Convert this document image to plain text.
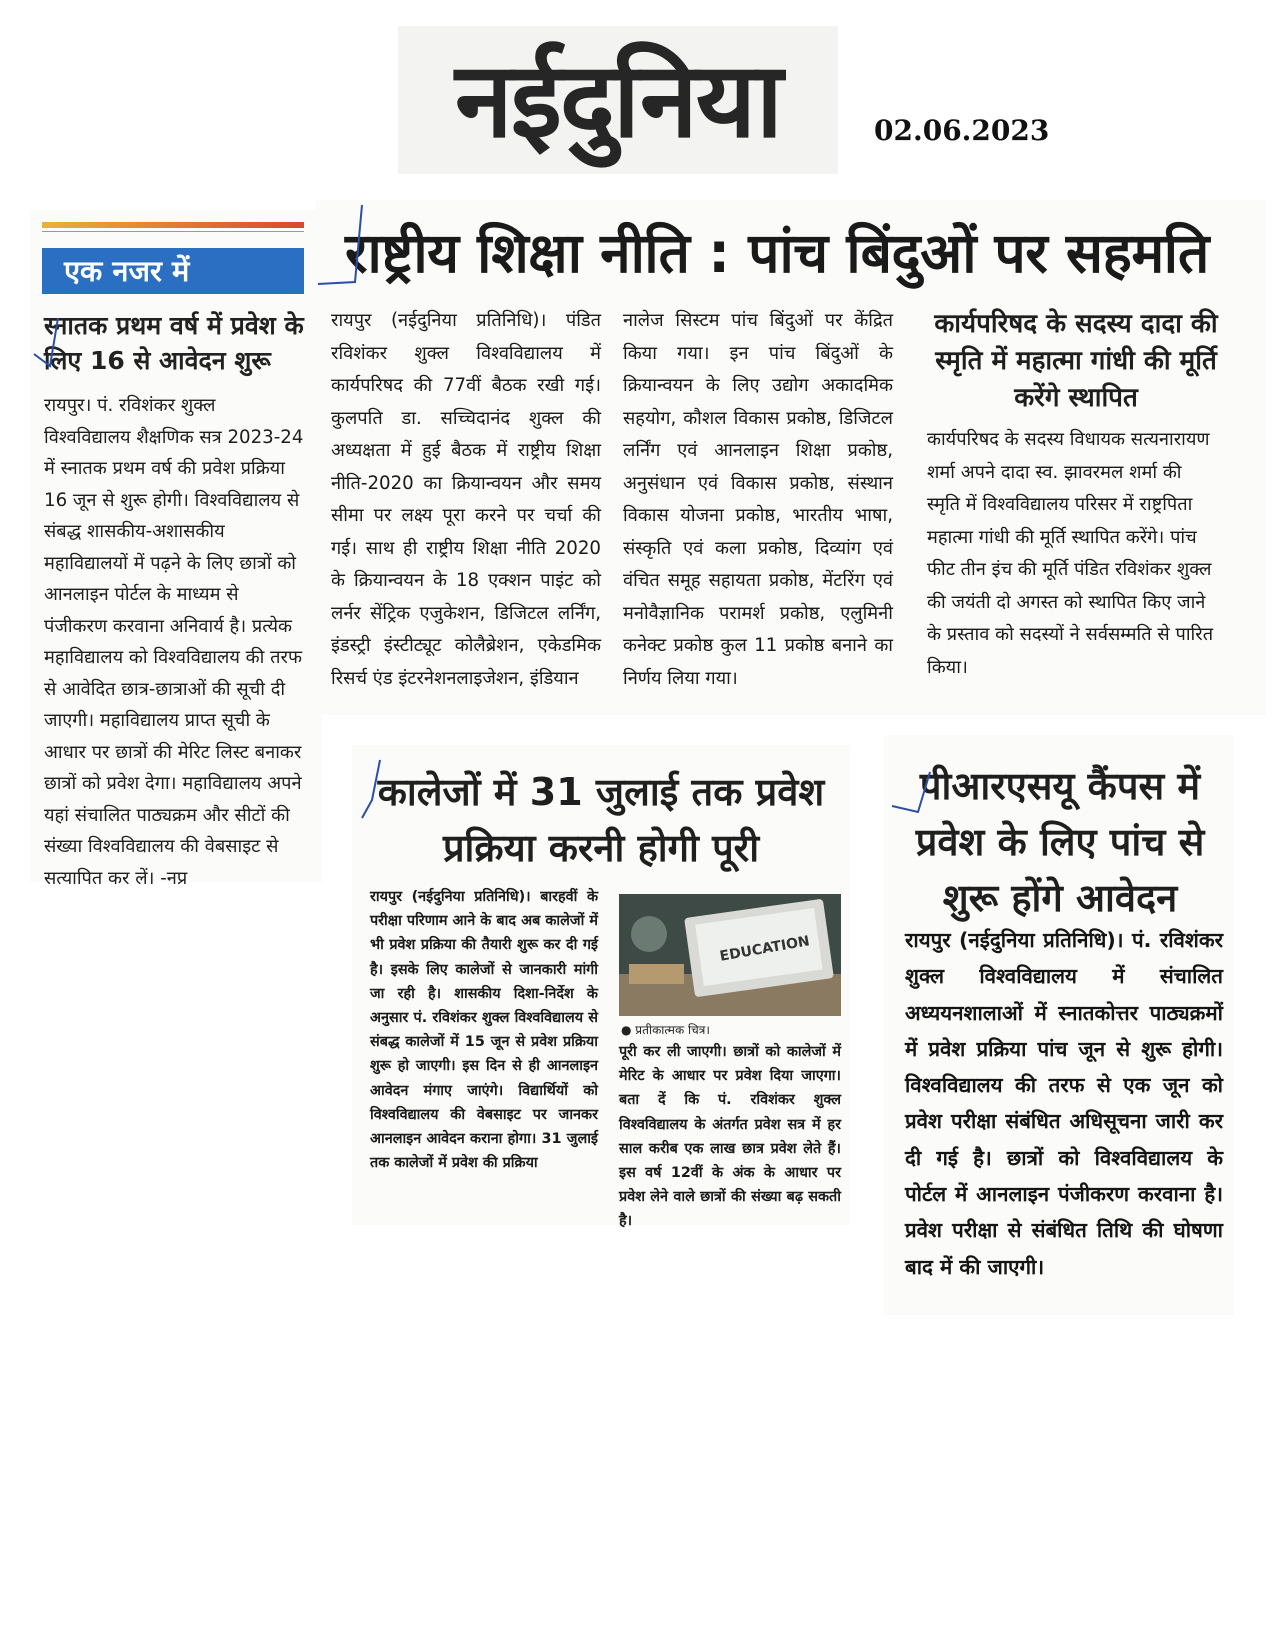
नईदुनिया	02.06.2023
एक नजर में
स्नातक प्रथम वर्ष में प्रवेश के लिए 16 से आवेदन शुरू
रायपुर। पं. रविशंकर शुक्ल विश्वविद्यालय शैक्षणिक सत्र 2023-24 में स्नातक प्रथम वर्ष की प्रवेश प्रक्रिया 16 जून से शुरू होगी। विश्वविद्यालय से संबद्ध शासकीय-अशासकीय महाविद्यालयों में पढ़ने के लिए छात्रों को आनलाइन पोर्टल के माध्यम से पंजीकरण करवाना अनिवार्य है। प्रत्येक महाविद्यालय को विश्वविद्यालय की तरफ से आवेदित छात्र-छात्राओं की सूची दी जाएगी। महाविद्यालय प्राप्त सूची के आधार पर छात्रों की मेरिट लिस्ट बनाकर छात्रों को प्रवेश देगा। महाविद्यालय अपने यहां संचालित पाठ्यक्रम और सीटों की संख्या विश्वविद्यालय की वेबसाइट से सत्यापित कर लें। -नप्र
राष्ट्रीय शिक्षा नीति : पांच बिंदुओं पर सहमति
रायपुर (नईदुनिया प्रतिनिधि)। पंडित रविशंकर शुक्ल विश्वविद्यालय में कार्यपरिषद की 77वीं बैठक रखी गई। कुलपति डा. सच्चिदानंद शुक्ल की अध्यक्षता में हुई बैठक में राष्ट्रीय शिक्षा नीति-2020 का क्रियान्वयन और समय सीमा पर लक्ष्य पूरा करने पर चर्चा की गई। साथ ही राष्ट्रीय शिक्षा नीति 2020 के क्रियान्वयन के 18 एक्शन पाइंट को लर्नर सेंट्रिक एजुकेशन, डिजिटल लर्निंग, इंडस्ट्री इंस्टीट्यूट कोलैब्रेशन, एकेडमिक रिसर्च एंड इंटरनेशनलाइजेशन, इंडियान
नालेज सिस्टम पांच बिंदुओं पर केंद्रित किया गया। इन पांच बिंदुओं के क्रियान्वयन के लिए उद्योग अकादमिक सहयोग, कौशल विकास प्रकोष्ठ, डिजिटल लर्निंग एवं आनलाइन शिक्षा प्रकोष्ठ, अनुसंधान एवं विकास प्रकोष्ठ, संस्थान विकास योजना प्रकोष्ठ, भारतीय भाषा, संस्कृति एवं कला प्रकोष्ठ, दिव्यांग एवं वंचित समूह सहायता प्रकोष्ठ, मेंटरिंग एवं मनोवैज्ञानिक परामर्श प्रकोष्ठ, एलुमिनी कनेक्ट प्रकोष्ठ कुल 11 प्रकोष्ठ बनाने का निर्णय लिया गया।
कार्यपरिषद के सदस्य दादा की स्मृति में महात्मा गांधी की मूर्ति करेंगे स्थापित
कार्यपरिषद के सदस्य विधायक सत्यनारायण शर्मा अपने दादा स्व. झावरमल शर्मा की स्मृति में विश्वविद्यालय परिसर में राष्ट्रपिता महात्मा गांधी की मूर्ति स्थापित करेंगे। पांच फीट तीन इंच की मूर्ति पंडित रविशंकर शुक्ल की जयंती दो अगस्त को स्थापित किए जाने के प्रस्ताव को सदस्यों ने सर्वसम्मति से पारित किया।
कालेजों में 31 जुलाई तक प्रवेश प्रक्रिया करनी होगी पूरी
रायपुर (नईदुनिया प्रतिनिधि)। बारहवीं के परीक्षा परिणाम आने के बाद अब कालेजों में भी प्रवेश प्रक्रिया की तैयारी शुरू कर दी गई है। इसके लिए कालेजों से जानकारी मांगी जा रही है। शासकीय दिशा-निर्देश के अनुसार पं. रविशंकर शुक्ल विश्वविद्यालय से संबद्ध कालेजों में 15 जून से प्रवेश प्रक्रिया शुरू हो जाएगी। इस दिन से ही आनलाइन आवेदन मंगाए जाएंगे। विद्यार्थियों को विश्वविद्यालय की वेबसाइट पर जानकर आनलाइन आवेदन कराना होगा। 31 जुलाई तक कालेजों में प्रवेश की प्रक्रिया
EDUCATION
● प्रतीकात्मक चित्र।
पूरी कर ली जाएगी। छात्रों को कालेजों में मेरिट के आधार पर प्रवेश दिया जाएगा। बता दें कि पं. रविशंकर शुक्ल विश्वविद्यालय के अंतर्गत प्रवेश सत्र में हर साल करीब एक लाख छात्र प्रवेश लेते हैं। इस वर्ष 12वीं के अंक के आधार पर प्रवेश लेने वाले छात्रों की संख्या बढ़ सकती है।
पीआरएसयू कैंपस में प्रवेश के लिए पांच से शुरू होंगे आवेदन
रायपुर (नईदुनिया प्रतिनिधि)। पं. रविशंकर शुक्ल विश्वविद्यालय में संचालित अध्ययनशालाओं में स्नातकोत्तर पाठ्यक्रमों में प्रवेश प्रक्रिया पांच जून से शुरू होगी। विश्वविद्यालय की तरफ से एक जून को प्रवेश परीक्षा संबंधित अधिसूचना जारी कर दी गई है। छात्रों को विश्वविद्यालय के पोर्टल में आनलाइन पंजीकरण करवाना है। प्रवेश परीक्षा से संबंधित तिथि की घोषणा बाद में की जाएगी।
